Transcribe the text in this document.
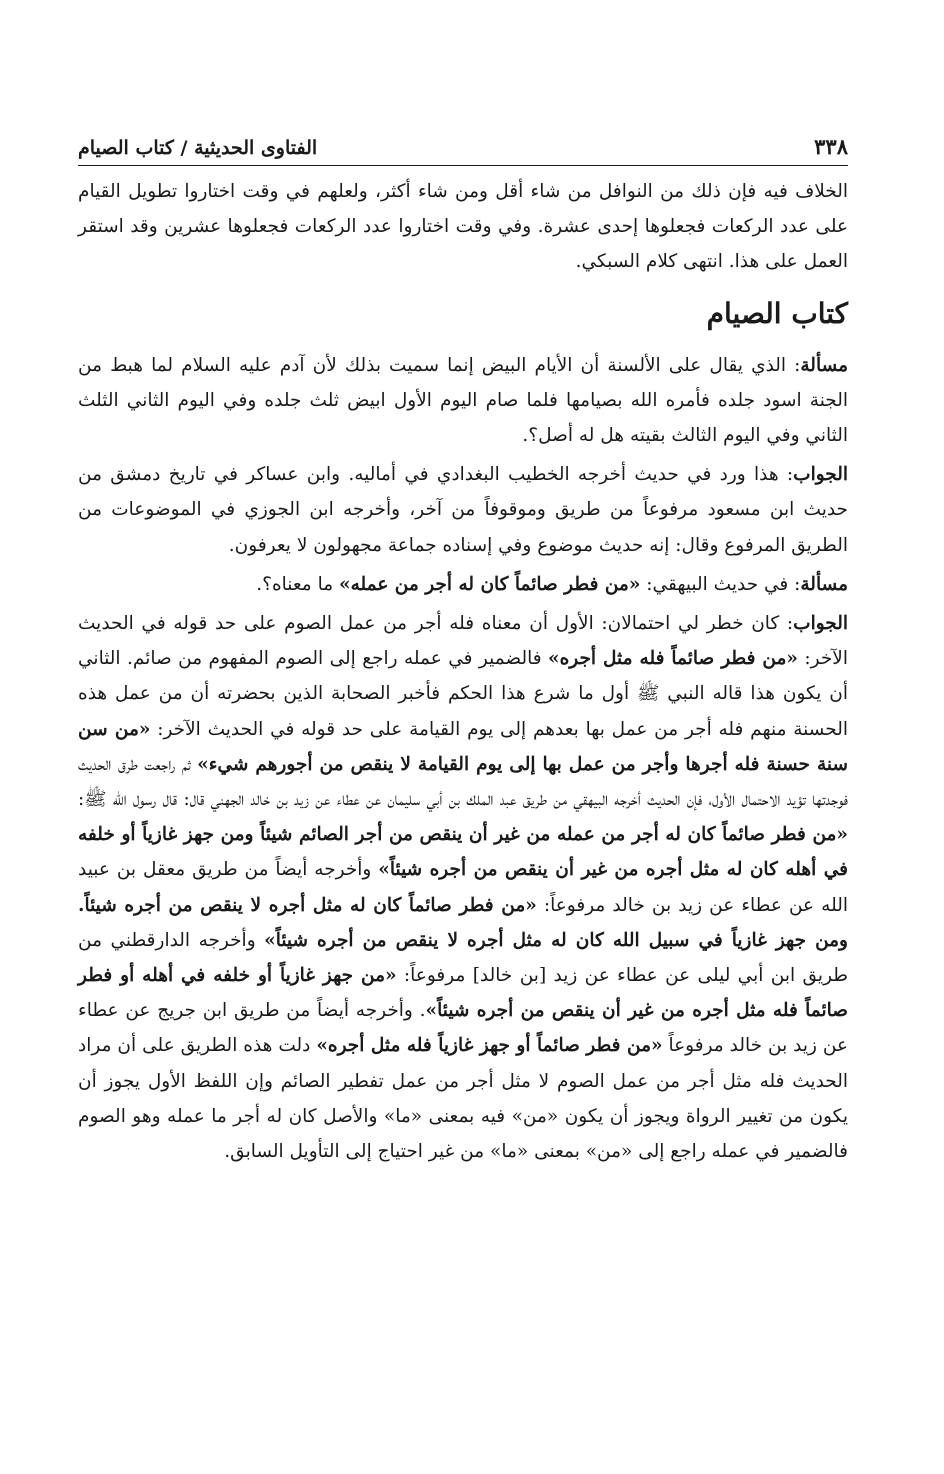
٣٣٨
الفتاوى الحديثية / كتاب الصيام

الخلاف فيه فإن ذلك من النوافل من شاء أقل ومن شاء أكثر، ولعلهم في وقت اختاروا تطويل القيام على عدد الركعات فجعلوها إحدى عشرة. وفي وقت اختاروا عدد الركعات فجعلوها عشرين وقد استقر العمل على هذا. انتهى كلام السبكي.

كتاب الصيام

مسألة: الذي يقال على الألسنة أن الأيام البيض إنما سميت بذلك لأن آدم عليه السلام لما هبط من الجنة اسود جلده فأمره الله بصيامها فلما صام اليوم الأول ابيض ثلث جلده وفي اليوم الثاني الثلث الثاني وفي اليوم الثالث بقيته هل له أصل؟.

الجواب: هذا ورد في حديث أخرجه الخطيب البغدادي في أماليه. وابن عساكر في تاريخ دمشق من حديث ابن مسعود مرفوعاً من طريق وموقوفاً من آخر، وأخرجه ابن الجوزي في الموضوعات من الطريق المرفوع وقال: إنه حديث موضوع وفي إسناده جماعة مجهولون لا يعرفون.

مسألة: في حديث البيهقي: «من فطر صائماً كان له أجر من عمله» ما معناه؟.

الجواب: كان خطر لي احتمالان: الأول أن معناه فله أجر من عمل الصوم على حد قوله في الحديث الآخر: «من فطر صائماً فله مثل أجره» فالضمير في عمله راجع إلى الصوم المفهوم من صائم. الثاني أن يكون هذا قاله النبي ﷺ أول ما شرع هذا الحكم فأخبر الصحابة الذين بحضرته أن من عمل هذه الحسنة منهم فله أجر من عمل بها بعدهم إلى يوم القيامة على حد قوله في الحديث الآخر: «من سن سنة حسنة فله أجرها وأجر من عمل بها إلى يوم القيامة لا ينقص من أجورهم شيء» ثم راجعت طرق الحديث فوجدتها تؤيد الاحتمال الأول، فإن الحديث أخرجه البيهقي من طريق عبد الملك بن أبي سليمان عن عطاء عن زيد بن خالد الجهني قال: قال رسول الله ﷺ: «من فطر صائماً كان له أجر من عمله من غير أن ينقص من أجر الصائم شيئاً ومن جهز غازياً أو خلفه في أهله كان له مثل أجره من غير أن ينقص من أجره شيئاً» وأخرجه أيضاً من طريق معقل بن عبيد الله عن عطاء عن زيد بن خالد مرفوعاً: «من فطر صائماً كان له مثل أجره لا ينقص من أجره شيئاً. ومن جهز غازياً في سبيل الله كان له مثل أجره لا ينقص من أجره شيئاً» وأخرجه الدارقطني من طريق ابن أبي ليلى عن عطاء عن زيد [بن خالد] مرفوعاً: «من جهز غازياً أو خلفه في أهله أو فطر صائماً فله مثل أجره من غير أن ينقص من أجره شيئاً». وأخرجه أيضاً من طريق ابن جريج عن عطاء عن زيد بن خالد مرفوعاً «من فطر صائماً أو جهز غازياً فله مثل أجره» دلت هذه الطريق على أن مراد الحديث فله مثل أجر من عمل الصوم لا مثل أجر من عمل تفطير الصائم وإن اللفظ الأول يجوز أن يكون من تغيير الرواة ويجوز أن يكون «من» فيه بمعنى «ما» والأصل كان له أجر ما عمله وهو الصوم فالضمير في عمله راجع إلى «من» بمعنى «ما» من غير احتياج إلى التأويل السابق.
